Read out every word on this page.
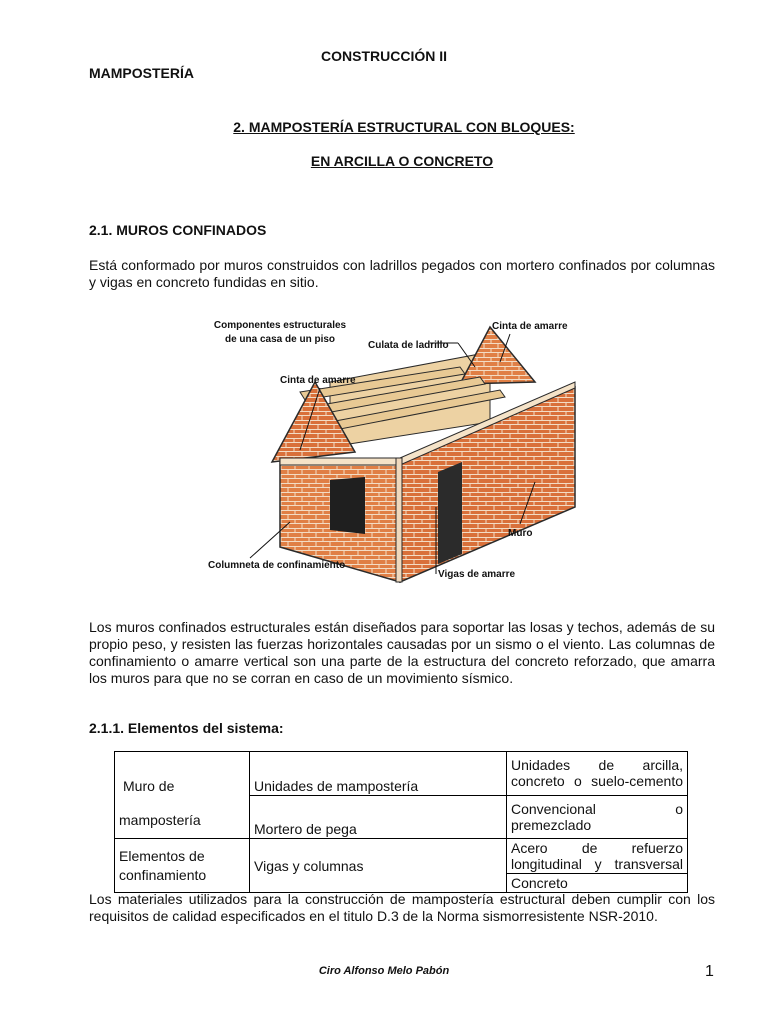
CONSTRUCCIÓN II
MAMPOSTERÍA
2. MAMPOSTERÍA ESTRUCTURAL CON BLOQUES:
EN ARCILLA O CONCRETO
2.1. MUROS CONFINADOS
Está conformado por muros construidos con ladrillos pegados con mortero confinados por columnas y vigas en concreto fundidas en sitio.
Componentes estructurales
de una casa de un piso
Culata de ladrillo
Cinta de amarre
Cinta de amarre
Muro
Columneta de confinamiento
Vigas de amarre
Los muros confinados estructurales están diseñados para soportar las losas y techos, además de su propio peso, y resisten las fuerzas horizontales causadas por un sismo o el viento. Las columnas de confinamiento o amarre vertical son una parte de la estructura del concreto reforzado, que amarra los muros para que no se corran en caso de un movimiento sísmico.
2.1.1. Elementos del sistema:
Muro de
mampostería	Unidades de mampostería	Unidades de arcilla, concreto o suelo-cemento
	Mortero de pega	Convencional o premezclado

Elementos de
confinamiento	Vigas y columnas	Acero de refuerzo longitudinal y transversal
		Concreto
Los materiales utilizados para la construcción de mampostería estructural deben cumplir con los requisitos de calidad especificados en el titulo D.3 de la Norma sismorresistente NSR-2010.
Ciro Alfonso Melo Pabón	1
